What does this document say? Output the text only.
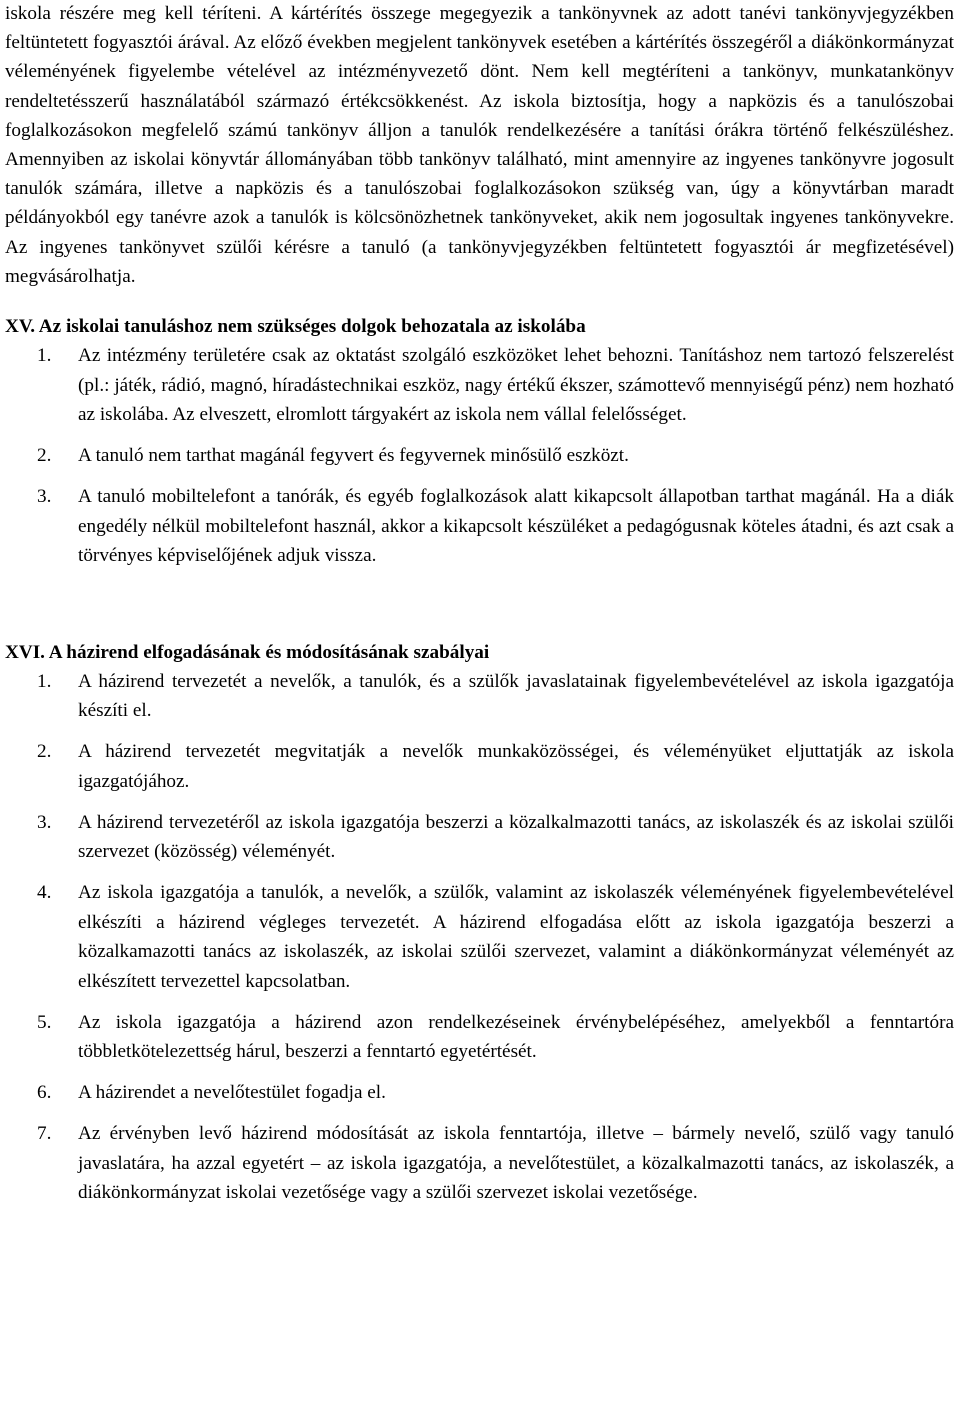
iskola részére meg kell téríteni. A kártérítés összege megegyezik a tankönyvnek az adott tanévi tankönyvjegyzékben feltüntetett fogyasztói árával. Az előző években megjelent tankönyvek esetében a kártérítés összegéről a diákönkormányzat véleményének figyelembe vételével az intézményvezető dönt. Nem kell megtéríteni a tankönyv, munkatankönyv rendeltetésszerű használatából származó értékcsökkenést. Az iskola biztosítja, hogy a napközis és a tanulószobai foglalkozásokon megfelelő számú tankönyv álljon a tanulók rendelkezésére a tanítási órákra történő felkészüléshez. Amennyiben az iskolai könyvtár állományában több tankönyv található, mint amennyire az ingyenes tankönyvre jogosult tanulók számára, illetve a napközis és a tanulószobai foglalkozásokon szükség van, úgy a könyvtárban maradt példányokból egy tanévre azok a tanulók is kölcsönözhetnek tankönyveket, akik nem jogosultak ingyenes tankönyvekre. Az ingyenes tankönyvet szülői kérésre a tanuló (a tankönyvjegyzékben feltüntetett fogyasztói ár megfizetésével) megvásárolhatja.

XV. Az iskolai tanuláshoz nem szükséges dolgok behozatala az iskolába
1.	Az intézmény területére csak az oktatást szolgáló eszközöket lehet behozni. Tanításhoz nem tartozó felszerelést (pl.: játék, rádió, magnó, híradástechnikai eszköz, nagy értékű ékszer, számottevő mennyiségű pénz) nem hozható az iskolába. Az elveszett, elromlott tárgyakért az iskola nem vállal felelősséget.
2.	A tanuló nem tarthat magánál fegyvert és fegyvernek minősülő eszközt.
3.	A tanuló mobiltelefont a tanórák, és egyéb foglalkozások alatt kikapcsolt állapotban tarthat magánál. Ha a diák engedély nélkül mobiltelefont használ, akkor a kikapcsolt készüléket a pedagógusnak köteles átadni, és azt csak a törvényes képviselőjének adjuk vissza.
XVI. A házirend elfogadásának és módosításának szabályai
1.	A házirend tervezetét a nevelők, a tanulók, és a szülők javaslatainak figyelembevételével az iskola igazgatója készíti el.
2.	A házirend tervezetét megvitatják a nevelők munkaközösségei, és véleményüket eljuttatják az iskola igazgatójához.
3.	A házirend tervezetéről az iskola igazgatója beszerzi a közalkalmazotti tanács, az iskolaszék és az iskolai szülői szervezet (közösség) véleményét.
4.	Az iskola igazgatója a tanulók, a nevelők, a szülők, valamint az iskolaszék véleményének figyelembevételével elkészíti a házirend végleges tervezetét. A házirend elfogadása előtt az iskola igazgatója beszerzi a közalkamazotti tanács az iskolaszék, az iskolai szülői szervezet, valamint a diákönkormányzat véleményét az elkészített tervezettel kapcsolatban.
5.	Az iskola igazgatója a házirend azon rendelkezéseinek érvénybelépéséhez, amelyekből a fenntartóra többletkötelezettség hárul, beszerzi a fenntartó egyetértését.
6.	A házirendet a nevelőtestület fogadja el.
7.	Az érvényben levő házirend módosítását az iskola fenntartója, illetve – bármely nevelő, szülő vagy tanuló javaslatára, ha azzal egyetért – az iskola igazgatója, a nevelőtestület, a közalkalmazotti tanács, az iskolaszék, a diákönkormányzat iskolai vezetősége vagy a szülői szervezet iskolai vezetősége.
